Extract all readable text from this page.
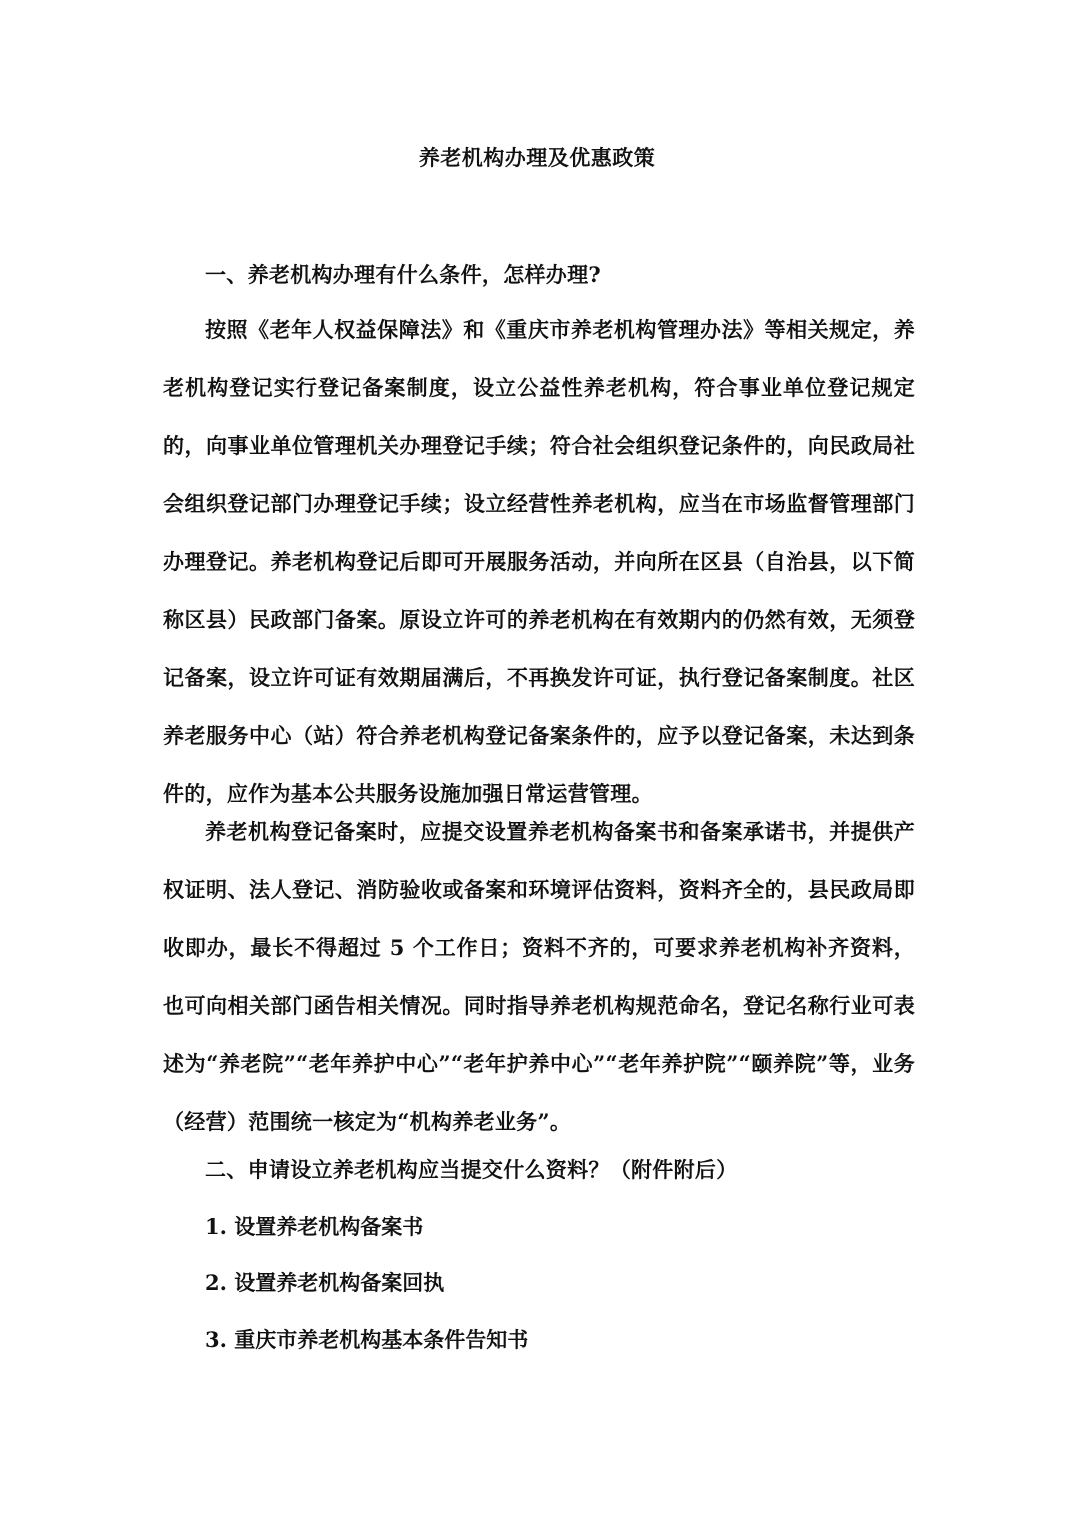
养老机构办理及优惠政策
一、养老机构办理有什么条件，怎样办理?
按照《老年人权益保障法》和《重庆市养老机构管理办法》等相关规定，养老机构登记实行登记备案制度，设立公益性养老机构，符合事业单位登记规定的，向事业单位管理机关办理登记手续；符合社会组织登记条件的，向民政局社会组织登记部门办理登记手续；设立经营性养老机构，应当在市场监督管理部门办理登记。养老机构登记后即可开展服务活动，并向所在区县（自治县，以下简称区县）民政部门备案。原设立许可的养老机构在有效期内的仍然有效，无须登记备案，设立许可证有效期届满后，不再换发许可证，执行登记备案制度。社区养老服务中心（站）符合养老机构登记备案条件的，应予以登记备案，未达到条件的，应作为基本公共服务设施加强日常运营管理。
养老机构登记备案时，应提交设置养老机构备案书和备案承诺书，并提供产权证明、法人登记、消防验收或备案和环境评估资料，资料齐全的，县民政局即收即办，最长不得超过 5 个工作日；资料不齐的，可要求养老机构补齐资料，也可向相关部门函告相关情况。同时指导养老机构规范命名，登记名称行业可表述为“养老院”“老年养护中心”“老年护养中心”“老年养护院”“颐养院”等，业务（经营）范围统一核定为“机构养老业务”。
二、申请设立养老机构应当提交什么资料？（附件附后）
1. 设置养老机构备案书
2. 设置养老机构备案回执
3. 重庆市养老机构基本条件告知书
